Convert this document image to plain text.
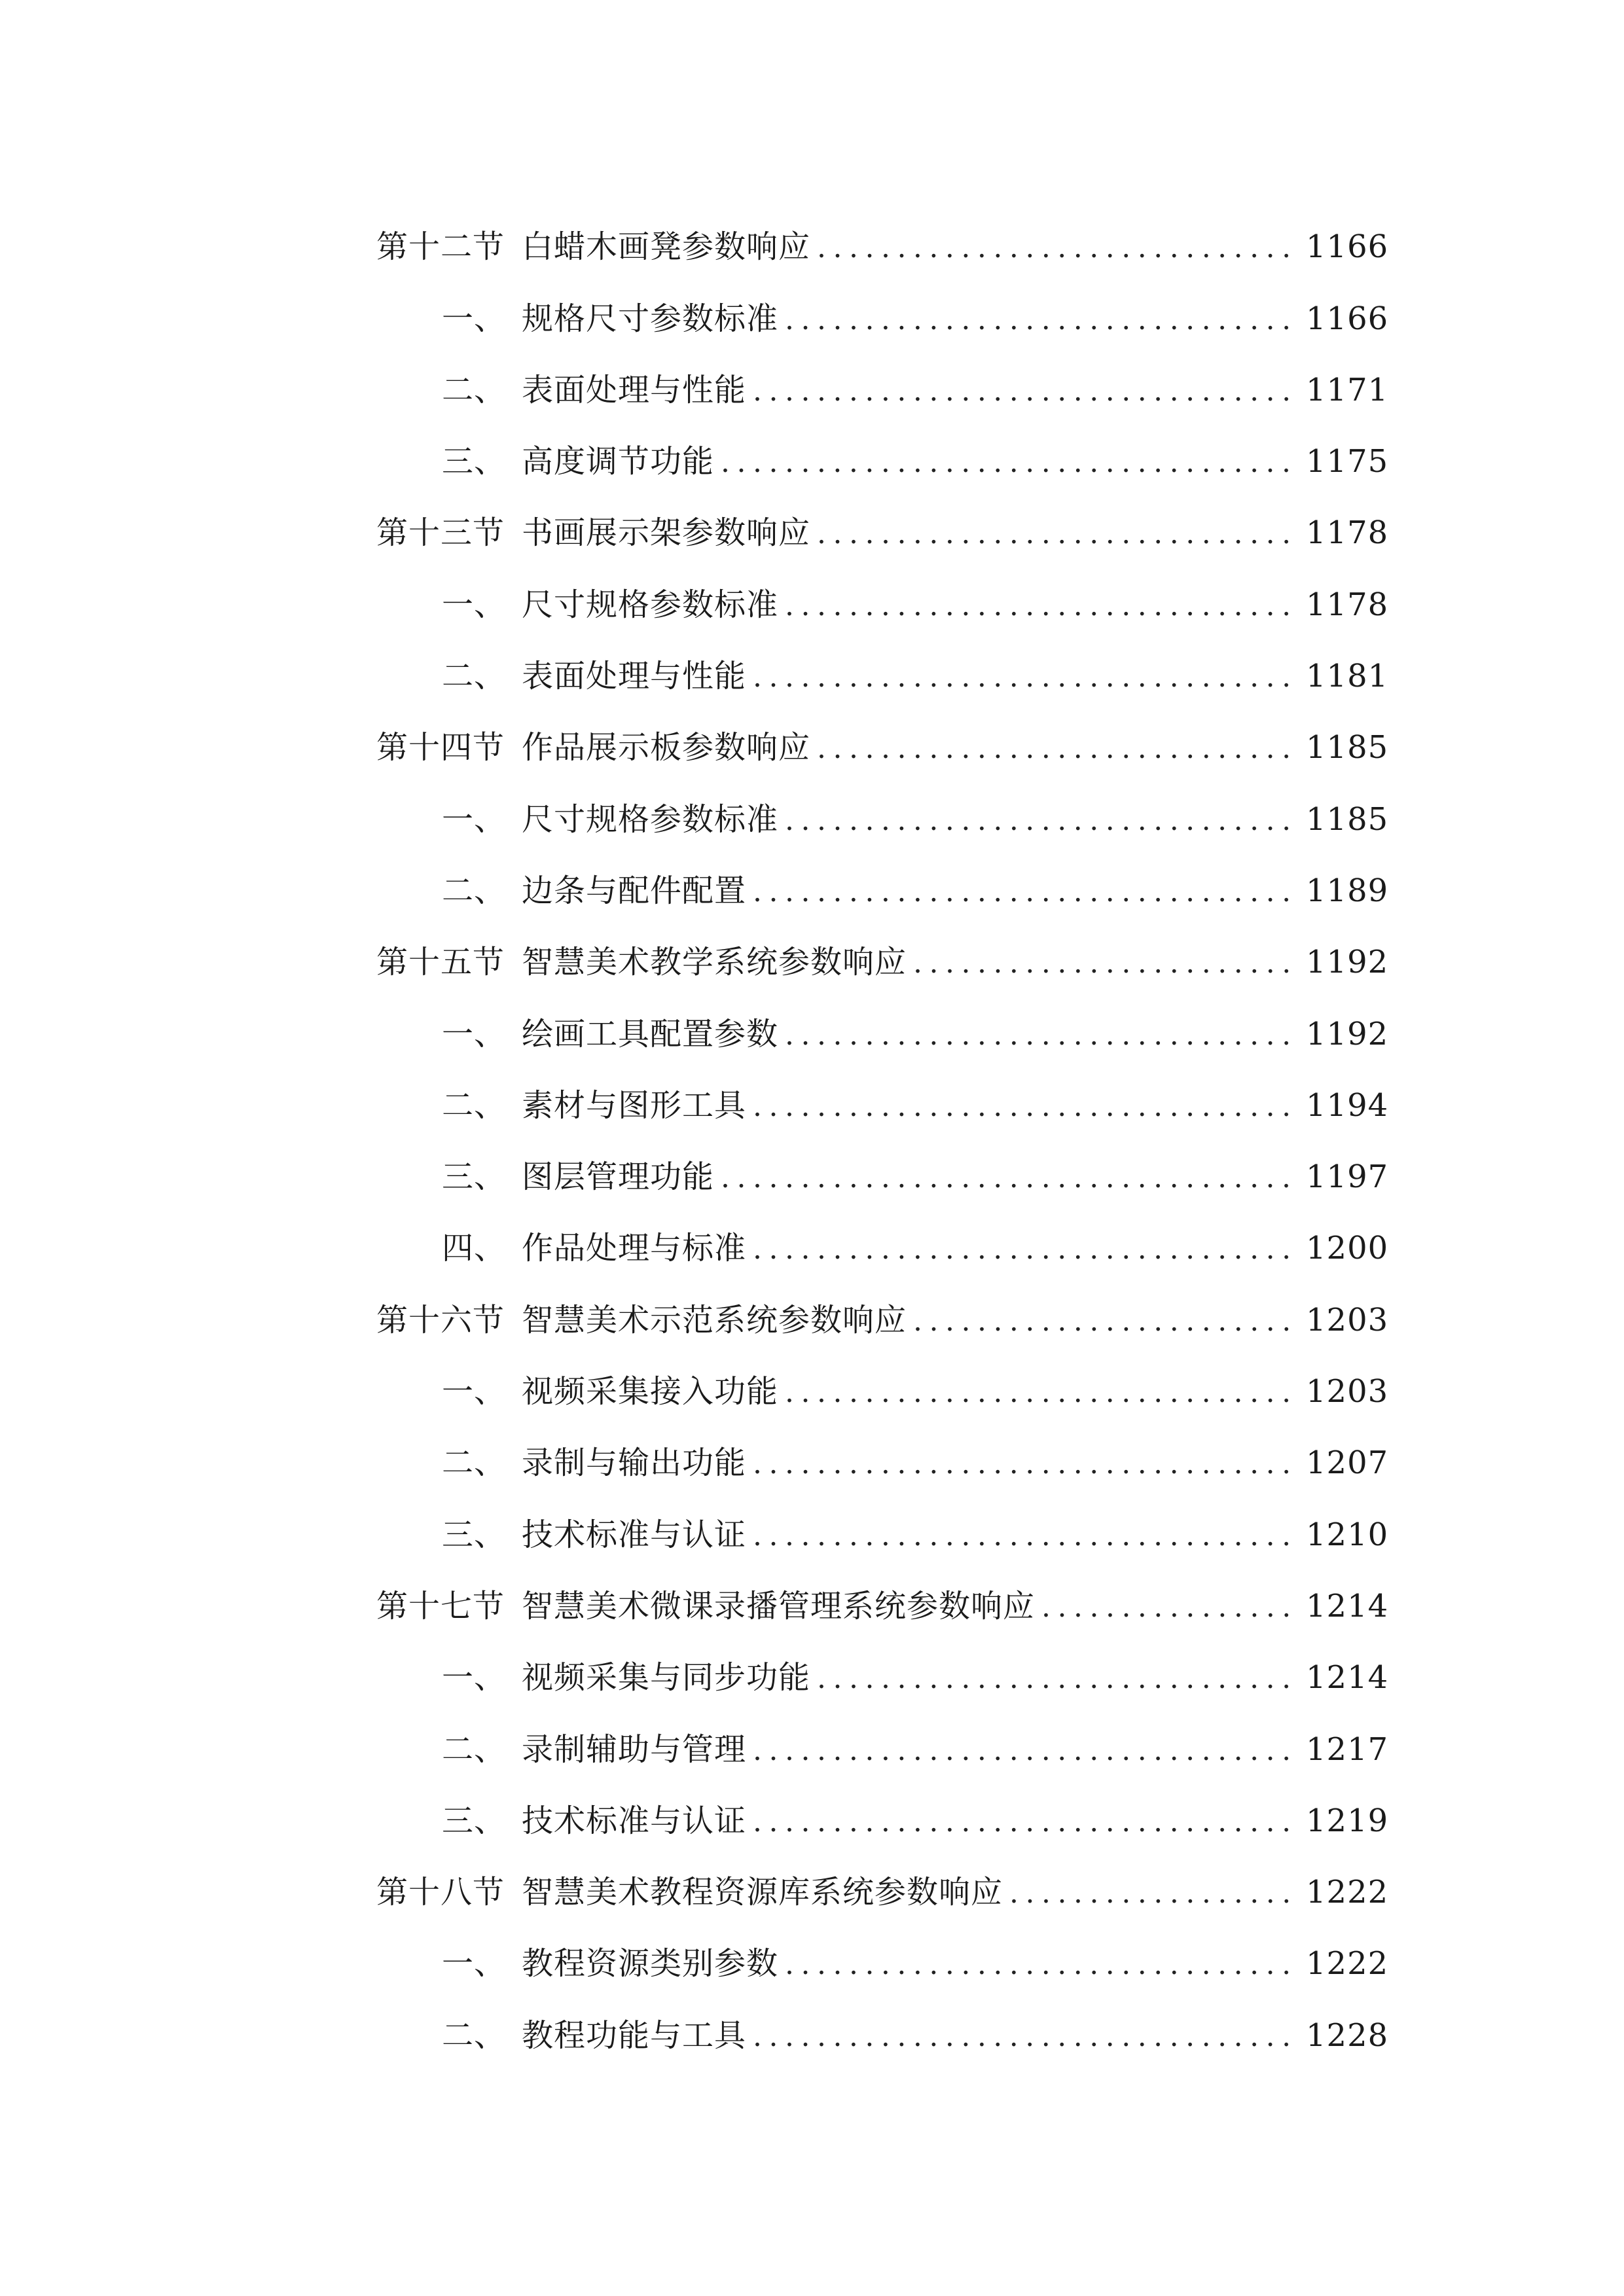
第十二节 白蜡木画凳参数响应 .....	1166
一、 规格尺寸参数标准 .....	1166
二、 表面处理与性能 .....	1171
三、 高度调节功能 .....	1175
第十三节 书画展示架参数响应 .....	1178
一、 尺寸规格参数标准 .....	1178
二、 表面处理与性能 .....	1181
第十四节 作品展示板参数响应 .....	1185
一、 尺寸规格参数标准 .....	1185
二、 边条与配件配置 .....	1189
第十五节 智慧美术教学系统参数响应 .....	1192
一、 绘画工具配置参数 .....	1192
二、 素材与图形工具 .....	1194
三、 图层管理功能 .....	1197
四、 作品处理与标准 .....	1200
第十六节 智慧美术示范系统参数响应 .....	1203
一、 视频采集接入功能 .....	1203
二、 录制与输出功能 .....	1207
三、 技术标准与认证 .....	1210
第十七节 智慧美术微课录播管理系统参数响应 .....	1214
一、 视频采集与同步功能 .....	1214
二、 录制辅助与管理 .....	1217
三、 技术标准与认证 .....	1219
第十八节 智慧美术教程资源库系统参数响应 .....	1222
一、 教程资源类别参数 .....	1222
二、 教程功能与工具 .....	1228
